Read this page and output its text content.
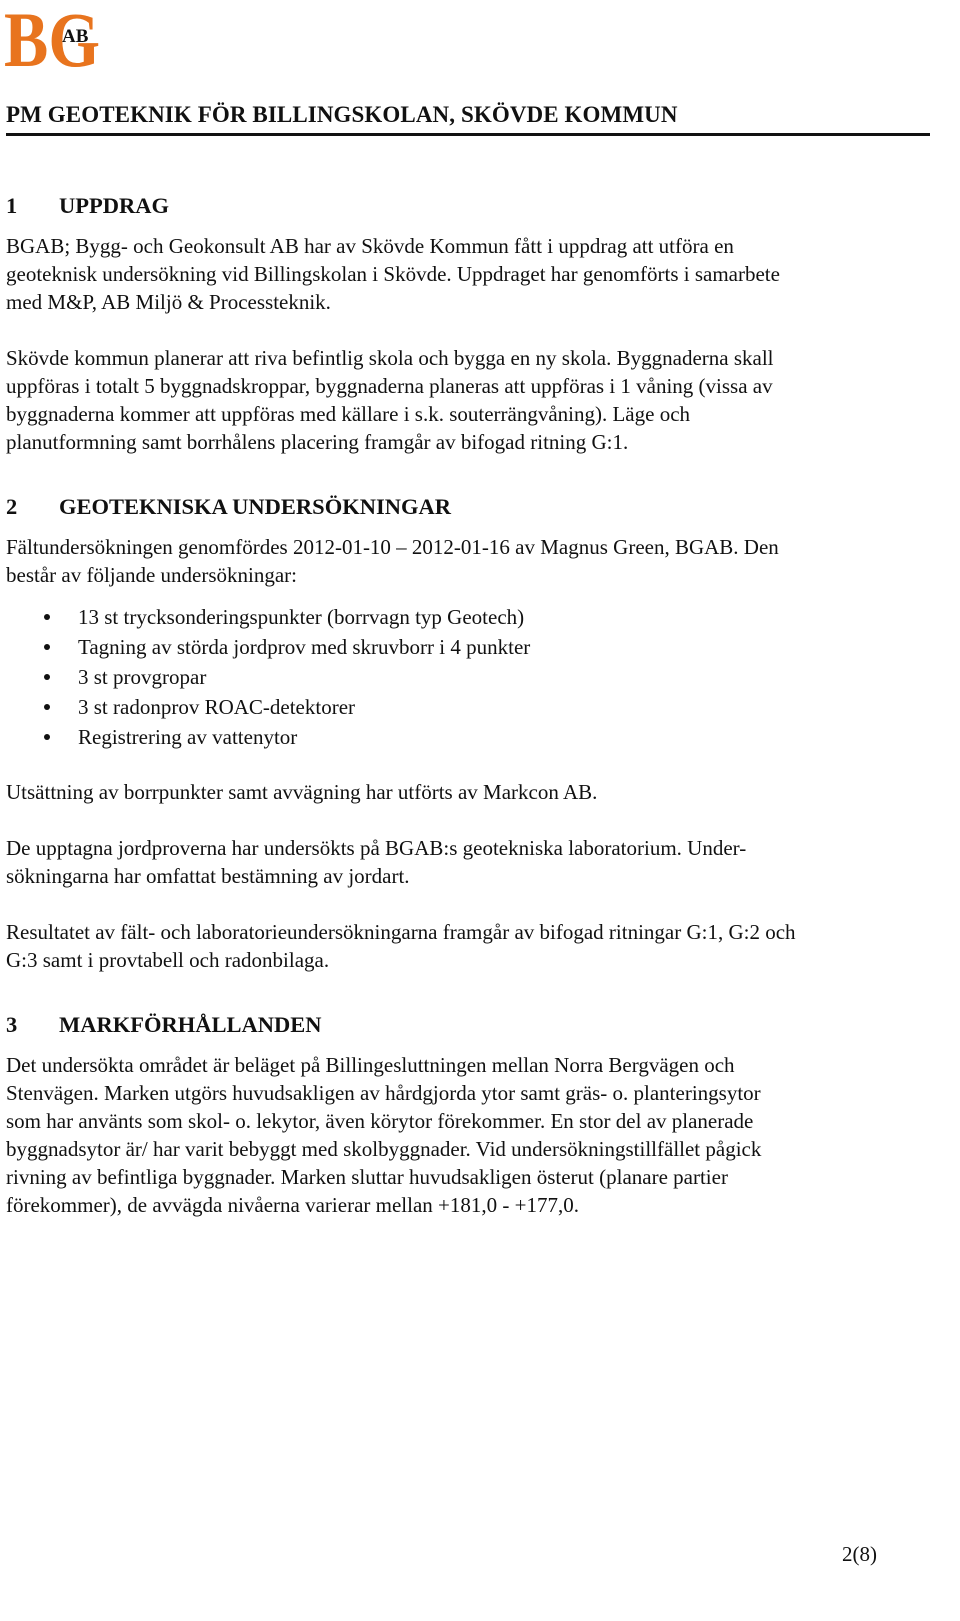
BG
AB
PM GEOTEKNIK FÖR BILLINGSKOLAN, SKÖVDE KOMMUN
1 UPPDRAG

BGAB; Bygg- och Geokonsult AB har av Skövde Kommun fått i uppdrag att utföra en
geoteknisk undersökning vid Billingskolan i Skövde. Uppdraget har genomförts i samarbete
med M&P, AB Miljö & Processteknik.

Skövde kommun planerar att riva befintlig skola och bygga en ny skola. Byggnaderna skall
uppföras i totalt 5 byggnadskroppar, byggnaderna planeras att uppföras i 1 våning (vissa av
byggnaderna kommer att uppföras med källare i s.k. souterrängvåning). Läge och
planutformning samt borrhålens placering framgår av bifogad ritning G:1.

2 GEOTEKNISKA UNDERSÖKNINGAR

Fältundersökningen genomfördes 2012-01-10 – 2012-01-16 av Magnus Green, BGAB. Den
består av följande undersökningar:

13 st trycksonderingspunkter (borrvagn typ Geotech)
Tagning av störda jordprov med skruvborr i 4 punkter
3 st provgropar
3 st radonprov ROAC-detektorer
Registrering av vattenytor

Utsättning av borrpunkter samt avvägning har utförts av Markcon AB.

De upptagna jordproverna har undersökts på BGAB:s geotekniska laboratorium. Under-
sökningarna har omfattat bestämning av jordart.

Resultatet av fält- och laboratorieundersökningarna framgår av bifogad ritningar G:1, G:2 och
G:3 samt i provtabell och radonbilaga.

3 MARKFÖRHÅLLANDEN

Det undersökta området är beläget på Billingesluttningen mellan Norra Bergvägen och
Stenvägen. Marken utgörs huvudsakligen av hårdgjorda ytor samt gräs- o. planteringsytor
som har använts som skol- o. lekytor, även körytor förekommer. En stor del av planerade
byggnadsytor är/ har varit bebyggt med skolbyggnader. Vid undersökningstillfället pågick
rivning av befintliga byggnader. Marken sluttar huvudsakligen österut (planare partier
förekommer), de avvägda nivåerna varierar mellan +181,0 - +177,0.

2(8)
